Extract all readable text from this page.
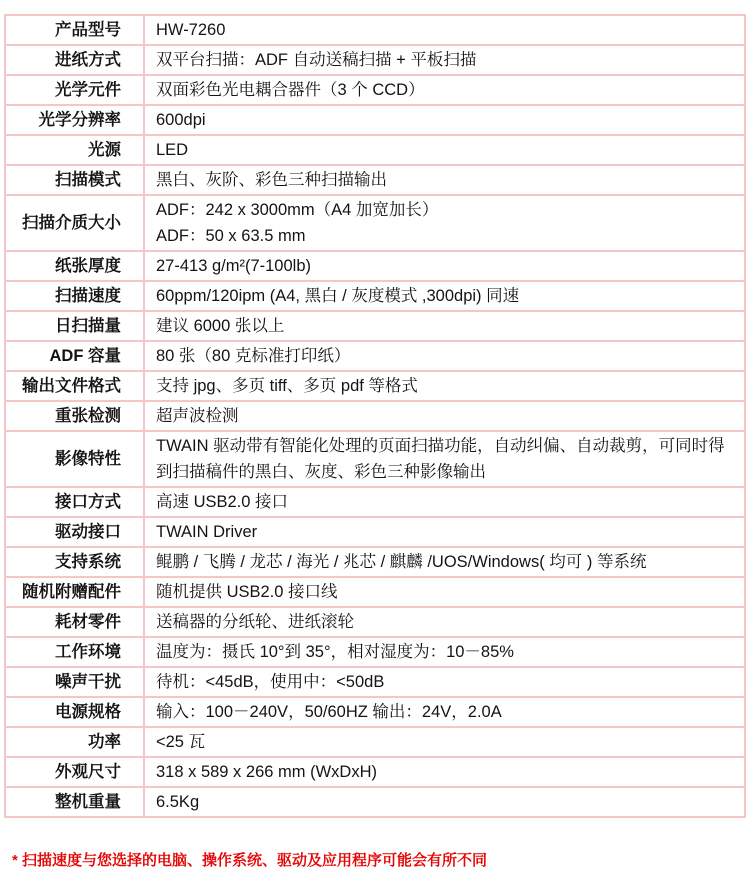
产品型号	HW-7260

进纸方式	双平台扫描：ADF 自动送稿扫描 + 平板扫描

光学元件	双面彩色光电耦合器件（3 个 CCD）

光学分辨率	600dpi

光源	LED

扫描模式	黑白、灰阶、彩色三种扫描输出

扫描介质大小	ADF：242 x 3000mm（A4 加宽加长）
ADF：50 x 63.5 mm

纸张厚度	27-413 g/m²(7-100lb)

扫描速度	60ppm/120ipm (A4, 黑白 / 灰度模式 ,300dpi) 同速

日扫描量	建议 6000 张以上

ADF 容量	80 张（80 克标准打印纸）

输出文件格式	支持 jpg、多页 tiff、多页 pdf 等格式

重张检测	超声波检测

影像特性	TWAIN 驱动带有智能化处理的页面扫描功能，自动纠偏、自动裁剪，可同时得到扫描稿件的黑白、灰度、彩色三种影像输出

接口方式	高速 USB2.0 接口

驱动接口	TWAIN Driver

支持系统	鲲鹏 / 飞腾 / 龙芯 / 海光 / 兆芯 / 麒麟 /UOS/Windows( 均可 ) 等系统

随机附赠配件	随机提供 USB2.0 接口线

耗材零件	送稿器的分纸轮、进纸滚轮

工作环境	温度为：摄氏 10°到 35°，相对湿度为：10－85%

噪声干扰	待机：<45dB，使用中：<50dB

电源规格	输入：100－240V，50/60HZ 输出：24V，2.0A

功率	<25 瓦

外观尺寸	318 x 589 x 266 mm (WxDxH)

整机重量	6.5Kg
* 扫描速度与您选择的电脑、操作系统、驱动及应用程序可能会有所不同
